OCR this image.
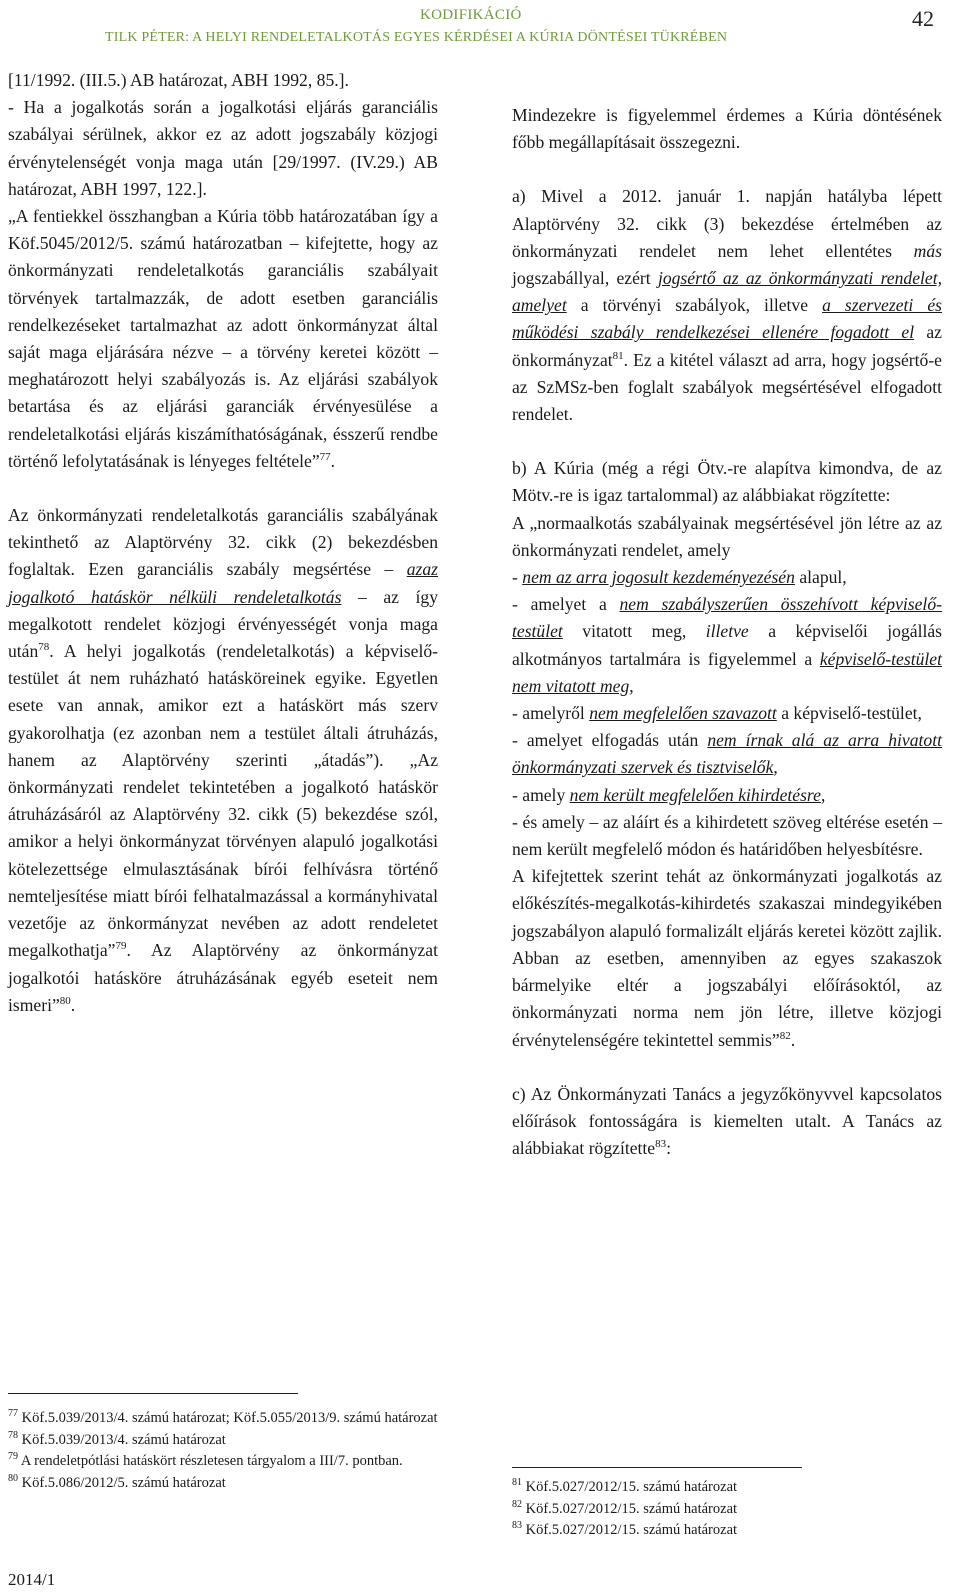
KODIFIKÁCIÓ
TILK PÉTER: A HELYI RENDELETALKOTÁS EGYES KÉRDÉSEI A KÚRIA DÖNTÉSEI TÜKRÉBEN
42

[11/1992. (III.5.) AB határozat, ABH 1992, 85.].

- Ha a jogalkotás során a jogalkotási eljárás garanciális szabályai sérülnek, akkor ez az adott jogszabály közjogi érvénytelenségét vonja maga után [29/1997. (IV.29.) AB határozat, ABH 1997, 122.].

„A fentiekkel összhangban a Kúria több határozatában így a Köf.5045/2012/5. számú határozatban – kifejtette, hogy az önkormányzati rendeletalkotás garanciális szabályait törvények tartalmazzák, de adott esetben garanciális rendelkezéseket tartalmazhat az adott önkormányzat által saját maga eljárására nézve – a törvény keretei között – meghatározott helyi szabályozás is. Az eljárási szabályok betartása és az eljárási garanciák érvényesülése a rendeletalkotási eljárás kiszámíthatóságának, ésszerű rendbe történő lefolytatásának is lényeges feltétele”$^{77}$.

Az önkormányzati rendeletalkotás garanciális szabályának tekinthető az Alaptörvény 32. cikk (2) bekezdésben foglaltak. Ezen garanciális szabály megsértése – azaz jogalkotó hatáskör nélküli rendeletalkotás – az így megalkotott rendelet közjogi érvényességét vonja maga után$^{78}$. A helyi jogalkotás (rendeletalkotás) a képviselő-testület át nem ruházható hatásköreinek egyike. Egyetlen esete van annak, amikor ezt a hatáskört más szerv gyakorolhatja (ez azonban nem a testület általi átruházás, hanem az Alaptörvény szerinti „átadás”). „Az önkormányzati rendelet tekintetében a jogalkotó hatáskör átruházásáról az Alaptörvény 32. cikk (5) bekezdése szól, amikor a helyi önkormányzat törvényen alapuló jogalkotási kötelezettsége elmulasztásának bírói felhívásra történő nemteljesítése miatt bírói felhatalmazással a kormányhivatal vezetője az önkormányzat nevében az adott rendeletet megalkothatja”$^{79}$. Az Alaptörvény az önkormányzat jogalkotói hatásköre átruházásának egyéb eseteit nem ismeri”$^{80}$.

$^{77}$ Köf.5.039/2013/4. számú határozat; Köf.5.055/2013/9. számú határozat

$^{78}$ Köf.5.039/2013/4. számú határozat

$^{79}$ A rendeletpótlási hatáskört részletesen tárgyalom a III/7. pontban.

$^{80}$ Köf.5.086/2012/5. számú határozat

Mindezekre is figyelemmel érdemes a Kúria döntésének főbb megállapításait összegezni.

a) Mivel a 2012. január 1. napján hatályba lépett Alaptörvény 32. cikk (3) bekezdése értelmében az önkormányzati rendelet nem lehet ellentétes más jogszabállyal, ezért jogsértő az az önkormányzati rendelet, amelyet a törvényi szabályok, illetve a szervezeti és működési szabály rendelkezései ellenére fogadott el az önkormányzat$^{81}$. Ez a kitétel választ ad arra, hogy jogsértő-e az SzMSz-ben foglalt szabályok megsértésével elfogadott rendelet.

b) A Kúria (még a régi Ötv.-re alapítva kimondva, de az Mötv.-re is igaz tartalommal) az alábbiakat rögzítette:

A „normaalkotás szabályainak megsértésével jön létre az az önkormányzati rendelet, amely

- nem az arra jogosult kezdeményezésén alapul,

- amelyet a nem szabályszerűen összehívott képviselő-testület vitatott meg, illetve a képviselői jogállás alkotmányos tartalmára is figyelemmel a képviselő-testület nem vitatott meg,

- amelyről nem megfelelően szavazott a képviselő-testület,

- amelyet elfogadás után nem írnak alá az arra hivatott önkormányzati szervek és tisztviselők,

- amely nem került megfelelően kihirdetésre,

- és amely – az aláírt és a kihirdetett szöveg eltérése esetén – nem került megfelelő módon és határidőben helyesbítésre.

A kifejtettek szerint tehát az önkormányzati jogalkotás az előkészítés-megalkotás-kihirdetés szakaszai mindegyikében jogszabályon alapuló formalizált eljárás keretei között zajlik. Abban az esetben, amennyiben az egyes szakaszok bármelyike eltér a jogszabályi előírásoktól, az önkormányzati norma nem jön létre, illetve közjogi érvénytelenségére tekintettel semmis”$^{82}$.

c) Az Önkormányzati Tanács a jegyzőkönyvvel kapcsolatos előírások fontosságára is kiemelten utalt. A Tanács az alábbiakat rögzítette$^{83}$:

$^{81}$ Köf.5.027/2012/15. számú határozat

$^{82}$ Köf.5.027/2012/15. számú határozat

$^{83}$ Köf.5.027/2012/15. számú határozat

2014/1
